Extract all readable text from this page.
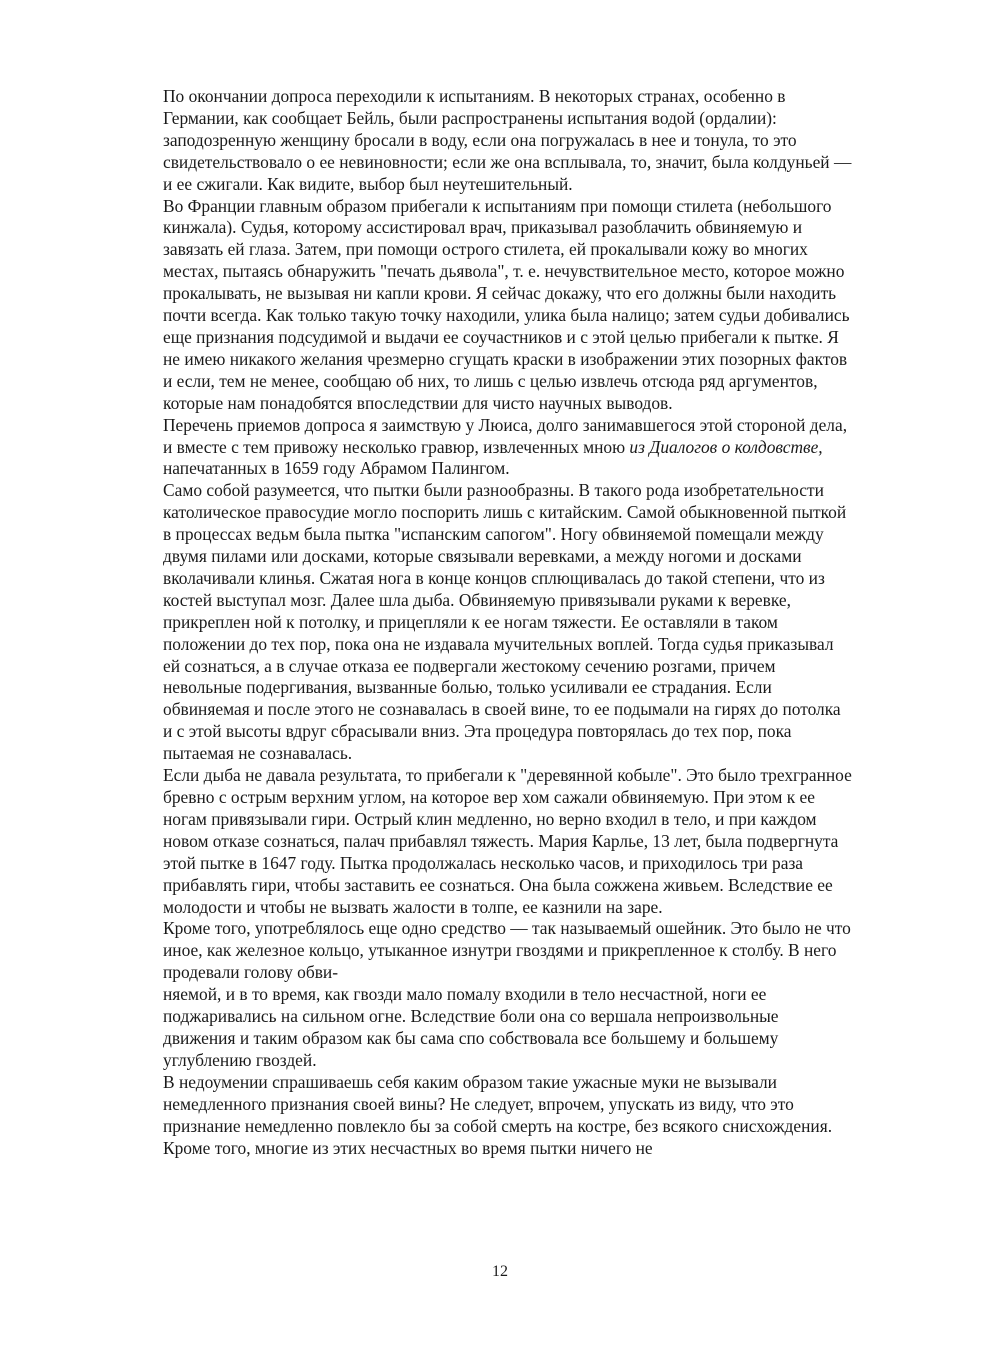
По окончании допроса переходили к испытаниям. В некоторых странах, особенно в Германии, как сообщает Бейль, были распространены испытания водой (ордалии): заподозренную женщину бросали в воду, если она погружалась в нее и тонула, то это свидетельствовало о ее невиновности; если же она всплывала, то, значит, была колдуньей — и ее сжигали. Как видите, выбор был неутешительный.

Во Франции главным образом прибегали к испытаниям при помощи стилета (небольшого кинжала). Судья, которому ассистировал врач, приказывал разоблачить обвиняемую и завязать ей глаза. Затем, при помощи острого стилета, ей прокалывали кожу во многих местах, пытаясь обнаружить "печать дьявола", т. е. нечувствительное место, которое можно прокалывать, не вызывая ни капли крови. Я сейчас докажу, что его должны были находить почти всегда. Как только такую точку находили, улика была налицо; затем судьи добивались еще признания подсудимой и выдачи ее соучастников и с этой целью прибегали к пытке. Я не имею никакого желания чрезмерно сгущать краски в изображении этих позорных фактов и если, тем не менее, сообщаю об них, то лишь с целью извлечь отсюда ряд аргументов, которые нам понадобятся впоследствии для чисто научных выводов.

Перечень приемов допроса я заимствую у Люиса, долго занимавшегося этой стороной дела, и вместе с тем привожу несколько гравюр, извлеченных мною из Диалогов о колдовстве, напечатанных в 1659 году Абрамом Палингом.

Само собой разумеется, что пытки были разнообразны. В такого рода изобретательности католическое правосудие могло поспорить лишь с китайским. Самой обыкновенной пыткой в процессах ведьм была пытка "испанским сапогом". Ногу обвиняемой помещали между двумя пилами или досками, которые связывали веревками, а между ногоми и досками вколачивали клинья. Сжатая нога в конце концов сплющивалась до такой степени, что из костей выступал мозг. Далее шла дыба. Обвиняемую привязывали руками к веревке, прикреплен ной к потолку, и прицепляли к ее ногам тяжести. Ее оставляли в таком положении до тех пор, пока она не издавала мучительных воплей. Тогда судья приказывал ей сознаться, а в случае отказа ее подвергали жестокому сечению розгами, причем невольные подергивания, вызванные болью, только усиливали ее страдания. Если обвиняемая и после этого не сознавалась в своей вине, то ее подымали на гирях до потолка и с этой высоты вдруг сбрасывали вниз. Эта процедура повторялась до тех пор, пока пытаемая не сознавалась.

Если дыба не давала результата, то прибегали к "деревянной кобыле". Это было трехгранное бревно с острым верхним углом, на которое вер хом сажали обвиняемую. При этом к ее ногам привязывали гири. Острый клин медленно, но верно входил в тело, и при каждом новом отказе сознаться, палач прибавлял тяжесть. Мария Карлье, 13 лет, была подвергнута этой пытке в 1647 году. Пытка продолжалась несколько часов, и приходилось три раза прибавлять гири, чтобы заставить ее сознаться. Она была сожжена живьем. Вследствие ее молодости и чтобы не вызвать жалости в толпе, ее казнили на заре.

Кроме того, употреблялось еще одно средство — так называемый ошейник. Это было не что иное, как железное кольцо, утыканное изнутри гвоздями и прикрепленное к столбу. В него продевали голову обви-

няемой, и в то время, как гвозди мало помалу входили в тело несчастной, ноги ее поджаривались на сильном огне. Вследствие боли она со вершала непроизвольные движения и таким образом как бы сама спо собствовала все большему и большему углублению гвоздей.

В недоумении спрашиваешь себя каким образом такие ужасные муки не вызывали немедленного признания своей вины? Не следует, впрочем, упускать из виду, что это признание немедленно повлекло бы за собой смерть на костре, без всякого снисхождения. Кроме того, многие из этих несчастных во время пытки ничего не

12
